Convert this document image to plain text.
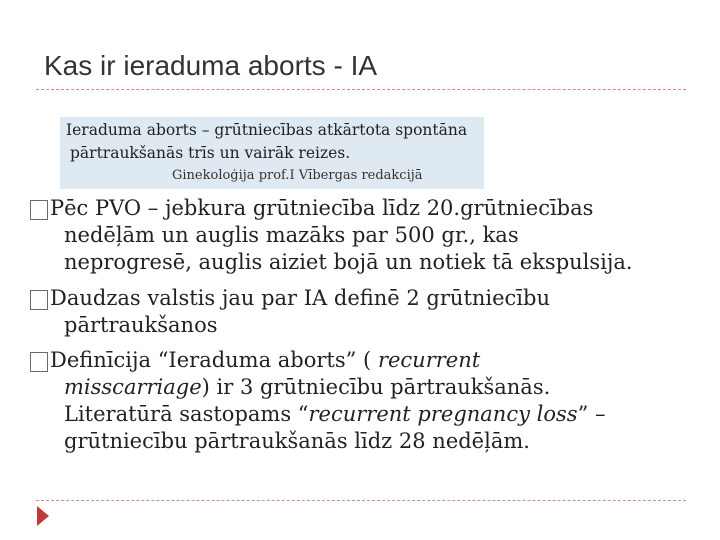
Kas ir ieraduma aborts - IA
Ieraduma aborts – grūtniecības atkārtota spontāna
pārtraukšanās trīs un vairāk reizes.
Ginekoloģija prof.I Vībergas redakcijā
Pēc PVO – jebkura grūtniecība līdz 20.grūtniecības
nedēļām un auglis mazāks par 500 gr., kas
neprogresē, auglis aiziet bojā un notiek tā ekspulsija.
Daudzas valstis jau par IA definē 2 grūtniecību
pārtraukšanos
Definīcija “Ieraduma aborts” ( recurrent
misscarriage) ir 3 grūtniecību pārtraukšanās.
Literatūrā sastopams “recurrent pregnancy loss” –
grūtniecību pārtraukšanās līdz 28 nedēļām.
